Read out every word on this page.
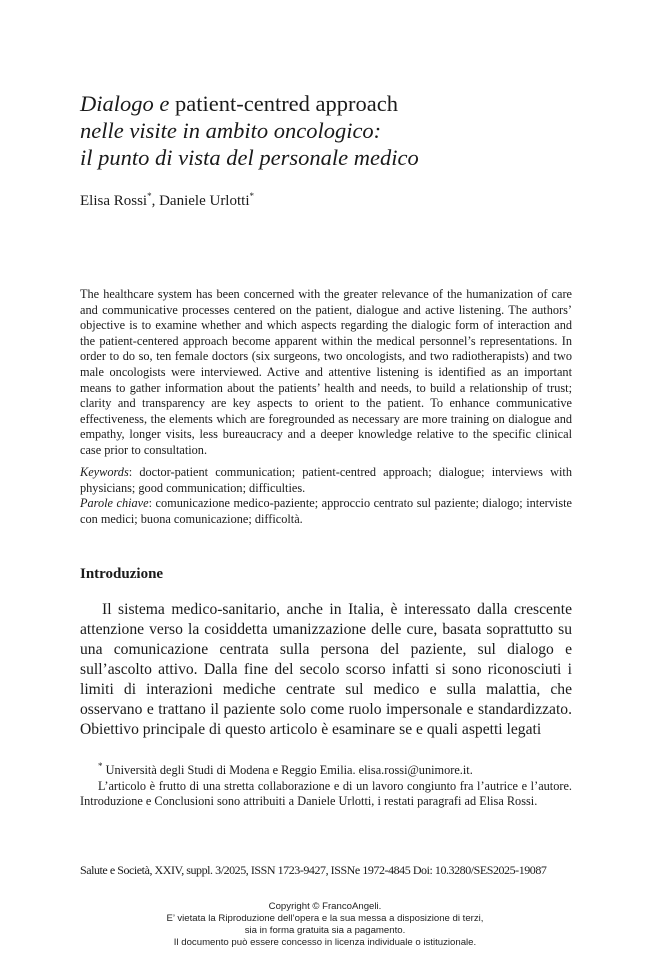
Dialogo e patient-centred approach
nelle visite in ambito oncologico:
il punto di vista del personale medico
Elisa Rossi*, Daniele Urlotti*

The healthcare system has been concerned with the greater relevance of the humanization of care and communicative processes centered on the patient, dialogue and active listening. The authors’ objective is to examine whether and which aspects regarding the dialogic form of interaction and the patient-centered approach become apparent within the medical personnel’s representations. In order to do so, ten female doctors (six surgeons, two oncologists, and two radiotherapists) and two male oncologists were interviewed. Active and attentive listening is identified as an important means to gather information about the patients’ health and needs, to build a relationship of trust; clarity and transparency are key aspects to orient to the patient. To enhance communicative effectiveness, the elements which are foregrounded as necessary are more training on dialogue and empathy, longer visits, less bureaucracy and a deeper knowledge relative to the specific clinical case prior to consultation.

Keywords: doctor-patient communication; patient-centred approach; dialogue; interviews with physicians; good communication; difficulties.

Parole chiave: comunicazione medico-paziente; approccio centrato sul paziente; dialogo; interviste con medici; buona comunicazione; difficoltà.

Introduzione

Il sistema medico-sanitario, anche in Italia, è interessato dalla crescente attenzione verso la cosiddetta umanizzazione delle cure, basata soprattutto su una comunicazione centrata sulla persona del paziente, sul dialogo e sull’ascolto attivo. Dalla fine del secolo scorso infatti si sono riconosciuti i limiti di interazioni mediche centrate sul medico e sulla malattia, che osservano e trattano il paziente solo come ruolo impersonale e standardizzato. Obiettivo principale di questo articolo è esaminare se e quali aspetti legati

* Università degli Studi di Modena e Reggio Emilia. elisa.rossi@unimore.it.

L’articolo è frutto di una stretta collaborazione e di un lavoro congiunto fra l’autrice e l’autore. Introduzione e Conclusioni sono attribuiti a Daniele Urlotti, i restati paragrafi ad Elisa Rossi.

Salute e Società, XXIV, suppl. 3/2025, ISSN 1723-9427, ISSNe 1972-4845 Doi: 10.3280/SES2025-19087
Copyright © FrancoAngeli.
E’ vietata la Riproduzione dell’opera e la sua messa a disposizione di terzi,
sia in forma gratuita sia a pagamento.
Il documento può essere concesso in licenza individuale o istituzionale.
